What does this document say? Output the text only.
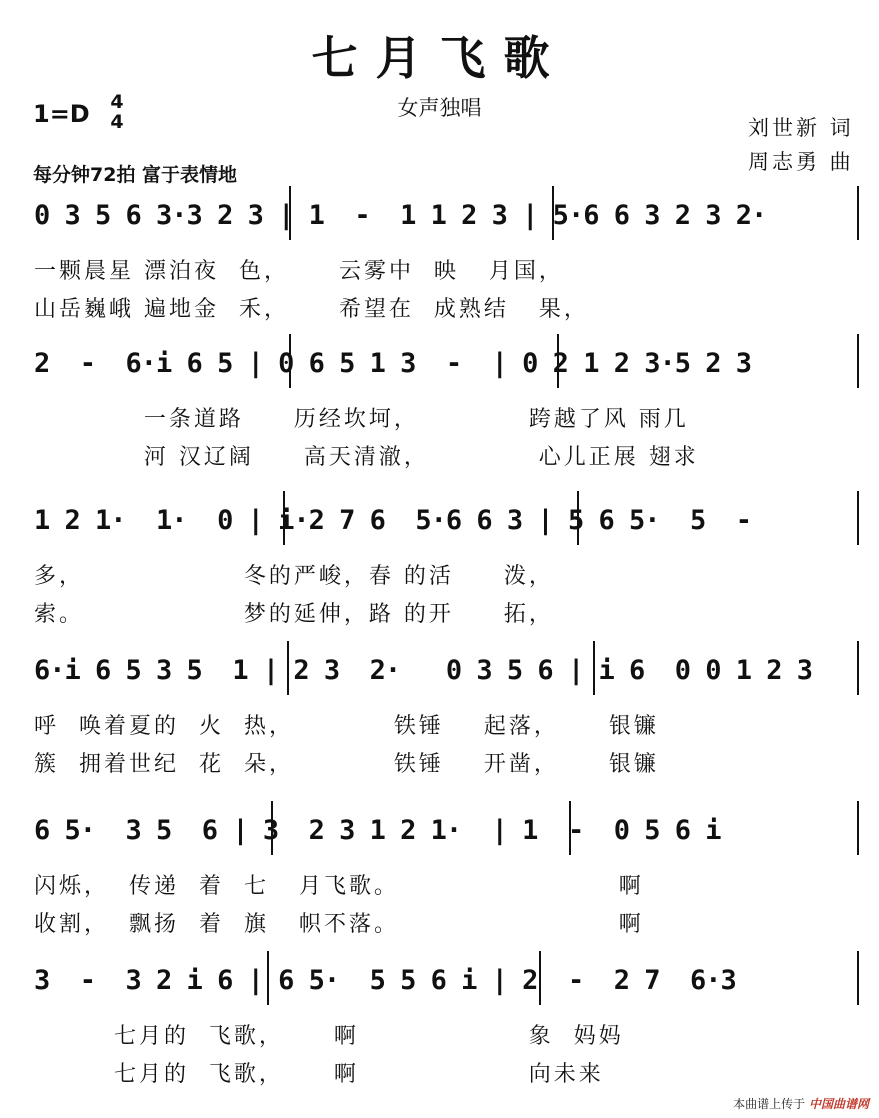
七月飞歌
女声独唱
1=D 4
4
每分钟72拍 富于表情地
刘世新 词
周志勇 曲
0 3 5 6 3·3 2 3 | 1  -  1 1 2 3 | 5·6 6 3 2 3 2·
一颗晨星 漂泊夜  色，     云雾中  映   月国，
山岳巍峨 遍地金  禾，     希望在  成熟结   果，
2  -  6·i 6 5 | 0 6 5 1 3  -  | 0 2 1 2 3·5 2 3
一条道路     历经坎坷，           跨越了风 雨几
河 汉辽阔     高天清澈，           心儿正展 翅求
1 2 1·  1·  0 | i·2 7 6  5·6 6 3 | 5 6 5·  5  -
多，                冬的严峻，春 的活     泼，
索。                梦的延伸，路 的开     拓，
6·i 6 5 3 5  1 | 2 3  2·   0 3 5 6 | i 6  0 0 1 2 3
呼  唤着夏的  火  热，          铁锤    起落，     银镰
簇  拥着世纪  花  朵，          铁锤    开凿，     银镰
6 5·  3 5  6 | 3  2 3 1 2 1·  | 1  -  0 5 6 i
闪烁，  传递  着  七   月飞歌。                      啊
收割，  飘扬  着  旗   帜不落。                      啊
3  -  3 2 i 6 | 6 5·  5 5 6 i | 2  -  2 7  6·3
七月的  飞歌，     啊                 象  妈妈
七月的  飞歌，     啊                 向未来
本曲谱上传于 中国曲谱网
